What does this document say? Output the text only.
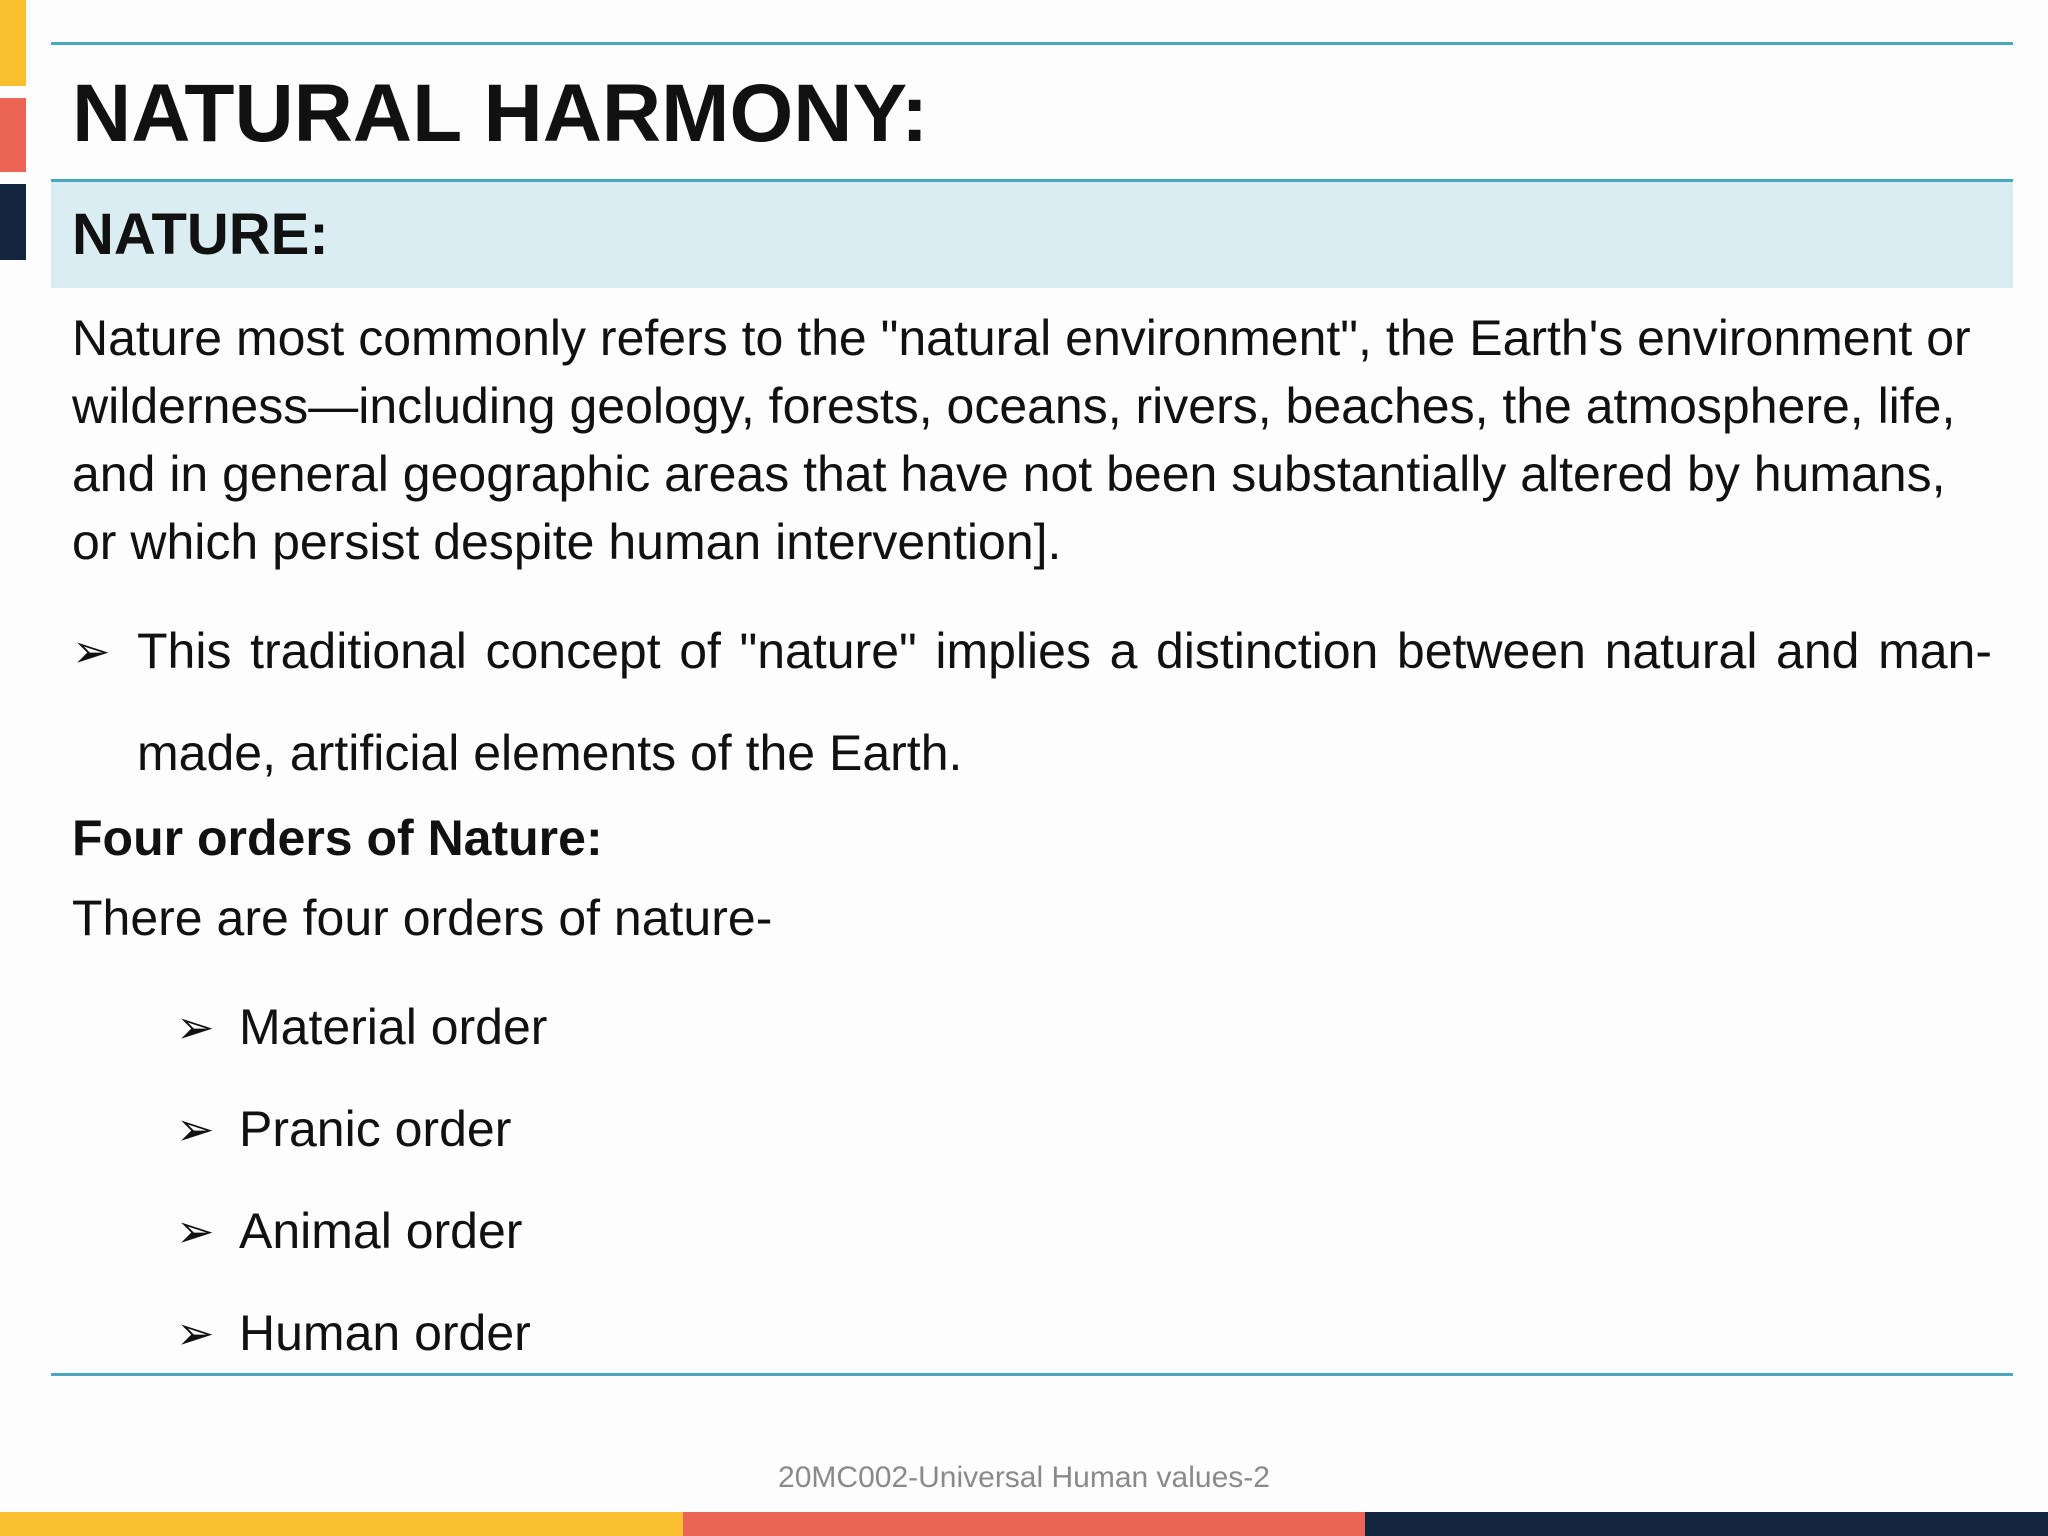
NATURAL HARMONY:
NATURE:

Nature most commonly refers to the "natural environment", the Earth's environment or wilderness—including geology, forests, oceans, rivers, beaches, the atmosphere, life, and in general geographic areas that have not been substantially altered by humans, or which persist despite human intervention].

➢ This traditional concept of "nature" implies a distinction between natural and man-made, artificial elements of the Earth.

Four orders of Nature:

There are four orders of nature-

➢ Material order
➢ Pranic order
➢ Animal order
➢ Human order

20MC002-Universal Human values-2
